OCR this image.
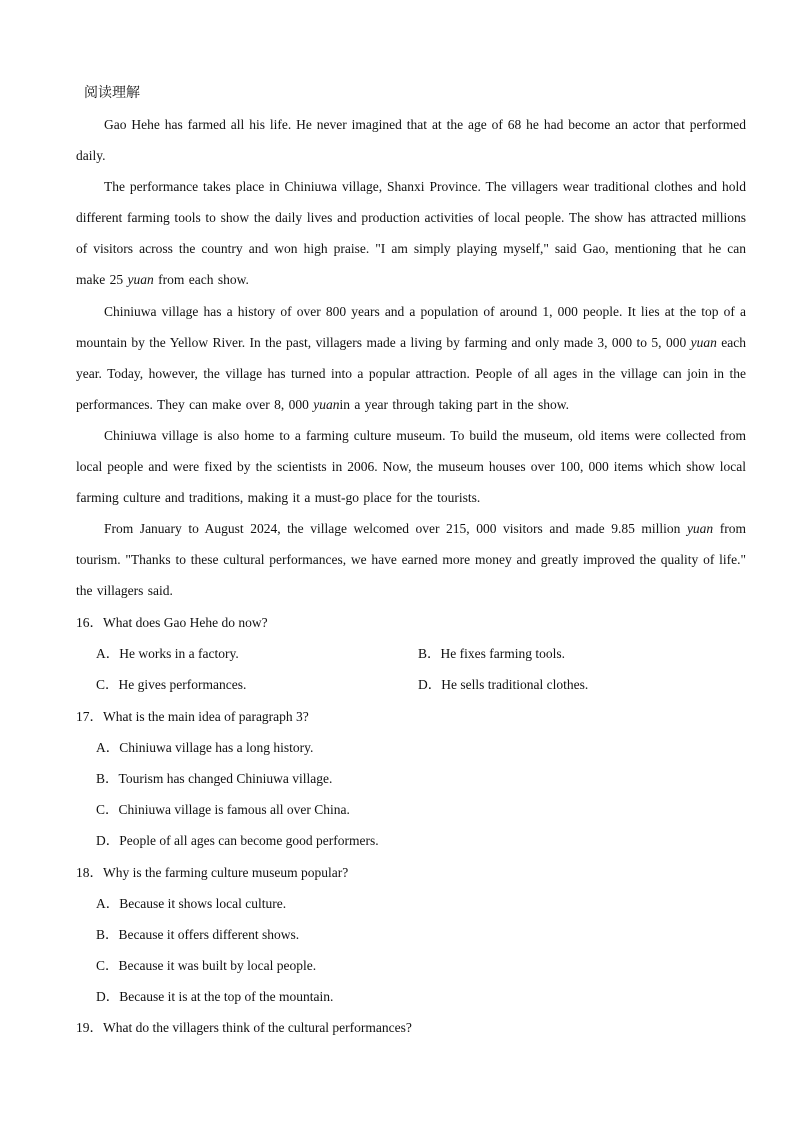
阅读理解

Gao Hehe has farmed all his life. He never imagined that at the age of 68 he had become an actor that performed daily.

The performance takes place in Chiniuwa village, Shanxi Province. The villagers wear traditional clothes and hold different farming tools to show the daily lives and production activities of local people. The show has attracted millions of visitors across the country and won high praise. "I am simply playing myself," said Gao, mentioning that he can make 25 yuan from each show.

Chiniuwa village has a history of over 800 years and a population of around 1, 000 people. It lies at the top of a mountain by the Yellow River. In the past, villagers made a living by farming and only made 3, 000 to 5, 000 yuan each year. Today, however, the village has turned into a popular attraction. People of all ages in the village can join in the performances. They can make over 8, 000 yuanin a year through taking part in the show.

Chiniuwa village is also home to a farming culture museum. To build the museum, old items were collected from local people and were fixed by the scientists in 2006. Now, the museum houses over 100, 000 items which show local farming culture and traditions, making it a must-go place for the tourists.

From January to August 2024, the village welcomed over 215, 000 visitors and made 9.85 million yuan from tourism. "Thanks to these cultural performances, we have earned more money and greatly improved the quality of life." the villagers said.

16．What does Gao Hehe do now?
A．He works in a factory.	B．He fixes farming tools.
C．He gives performances.	D．He sells traditional clothes.
17．What is the main idea of paragraph 3?
A．Chiniuwa village has a long history.
B．Tourism has changed Chiniuwa village.
C．Chiniuwa village is famous all over China.
D．People of all ages can become good performers.
18．Why is the farming culture museum popular?
A．Because it shows local culture.
B．Because it offers different shows.
C．Because it was built by local people.
D．Because it is at the top of the mountain.
19．What do the villagers think of the cultural performances?
